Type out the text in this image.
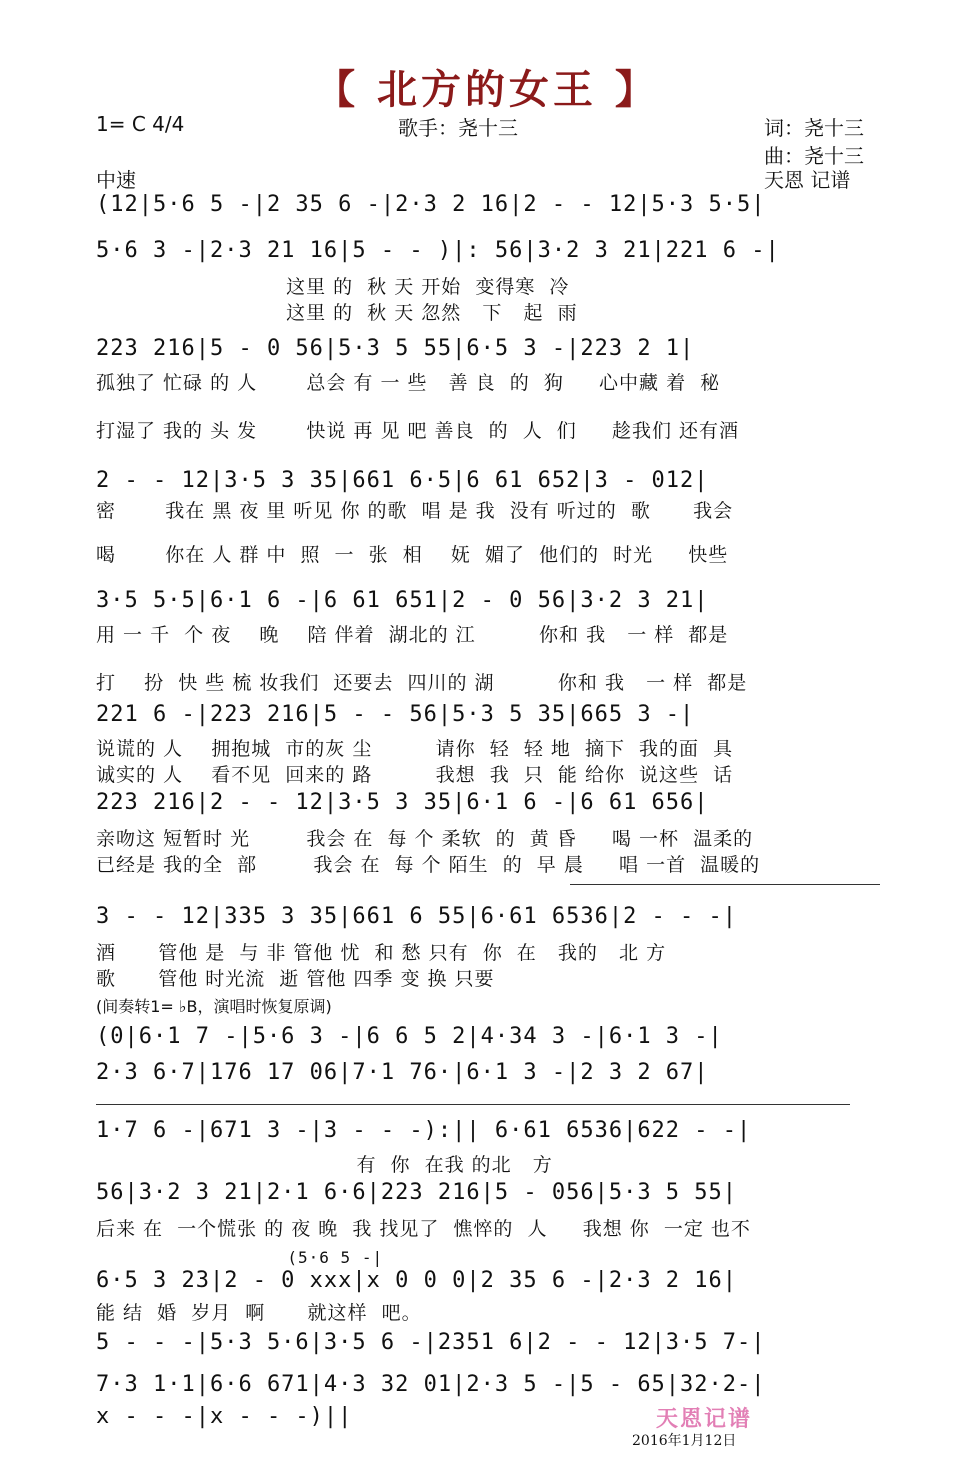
【 北方的女王 】
1= C 4/4	歌手：尧十三	词：尧十三
曲：尧十三
中速	天恩 记谱
(12|5·6 5 -|2 35 6 -|2·3 2 16|2 - - 12|5·3 5·5|
5·6 3 -|2·3 21 16|5 - - )|: 56|3·2 3 21|221 6 -|
这里 的  秋 天 开始  变得寒  冷
这里 的  秋 天 忽然   下   起  雨
223 216|5 - 0 56|5·3 5 55|6·5 3 -|223 2 1|
孤独了 忙碌 的 人       总会 有 一 些   善 良  的  狗     心中藏 着  秘
打湿了 我的 头 发       快说 再 见 吧 善良  的  人  们     趁我们 还有酒
2 - - 12|3·5 3 35|661 6·5|6 61 652|3 - 012|
密       我在 黑 夜 里 听见 你 的歌  唱 是 我  没有 听过的  歌      我会
喝       你在 人 群 中  照  一  张  相    妩  媚了  他们的  时光     快些
3·5 5·5|6·1 6 -|6 61 651|2 - 0 56|3·2 3 21|
用 一 千  个 夜    晚    陪 伴着  湖北的 江         你和 我   一 样  都是
打    扮  快 些 梳 妆我们  还要去  四川的 湖         你和 我   一 样  都是
221 6 -|223 216|5 - - 56|5·3 5 35|665 3 -|
说谎的 人    拥抱城  市的灰 尘         请你  轻  轻 地  摘下  我的面  具
诚实的 人    看不见  回来的 路         我想  我  只  能 给你  说这些  话
223 216|2 - - 12|3·5 3 35|6·1 6 -|6 61 656|
亲吻这 短暂时 光        我会 在  每 个 柔软  的  黄 昏     喝 一杯  温柔的
已经是 我的全  部        我会 在  每 个 陌生  的  早 晨     唱 一首  温暖的
3 - - 12|335 3 35|661 6 55|6·61 6536|2 - - -|
酒      管他 是  与 非 管他 忧  和 愁 只有  你  在   我的   北 方
歌      管他 时光流  逝 管他 四季 变 换 只要
(间奏转1= ♭B，演唱时恢复原调)
(0|6·1 7 -|5·6 3 -|6 6 5 2|4·34 3 -|6·1 3 -|
2·3 6·7|176 17 06|7·1 76·|6·1 3 -|2 3 2 67|
1·7 6 -|671 3 -|3 - - -):|| 6·61 6536|622 - -|
有  你  在我 的北   方
56|3·2 3 21|2·1 6·6|223 216|5 - 056|5·3 5 55|
后来 在  一个慌张 的 夜 晚  我 找见了  憔悴的  人     我想 你  一定 也不
(5·6 5 -|
6·5 3 23|2 - 0 xxx|x 0 0 0|2 35 6 -|2·3 2 16|
能 结  婚  岁月  啊      就这样  吧。
5 - - -|5·3 5·6|3·5 6 -|2351 6|2 - - 12|3·5 7-|
7·3 1·1|6·6 671|4·3 32 01|2·3 5 -|5 - 65|32·2-|
x - - -|x - - -)||	天恩记谱
2016年1月12日
